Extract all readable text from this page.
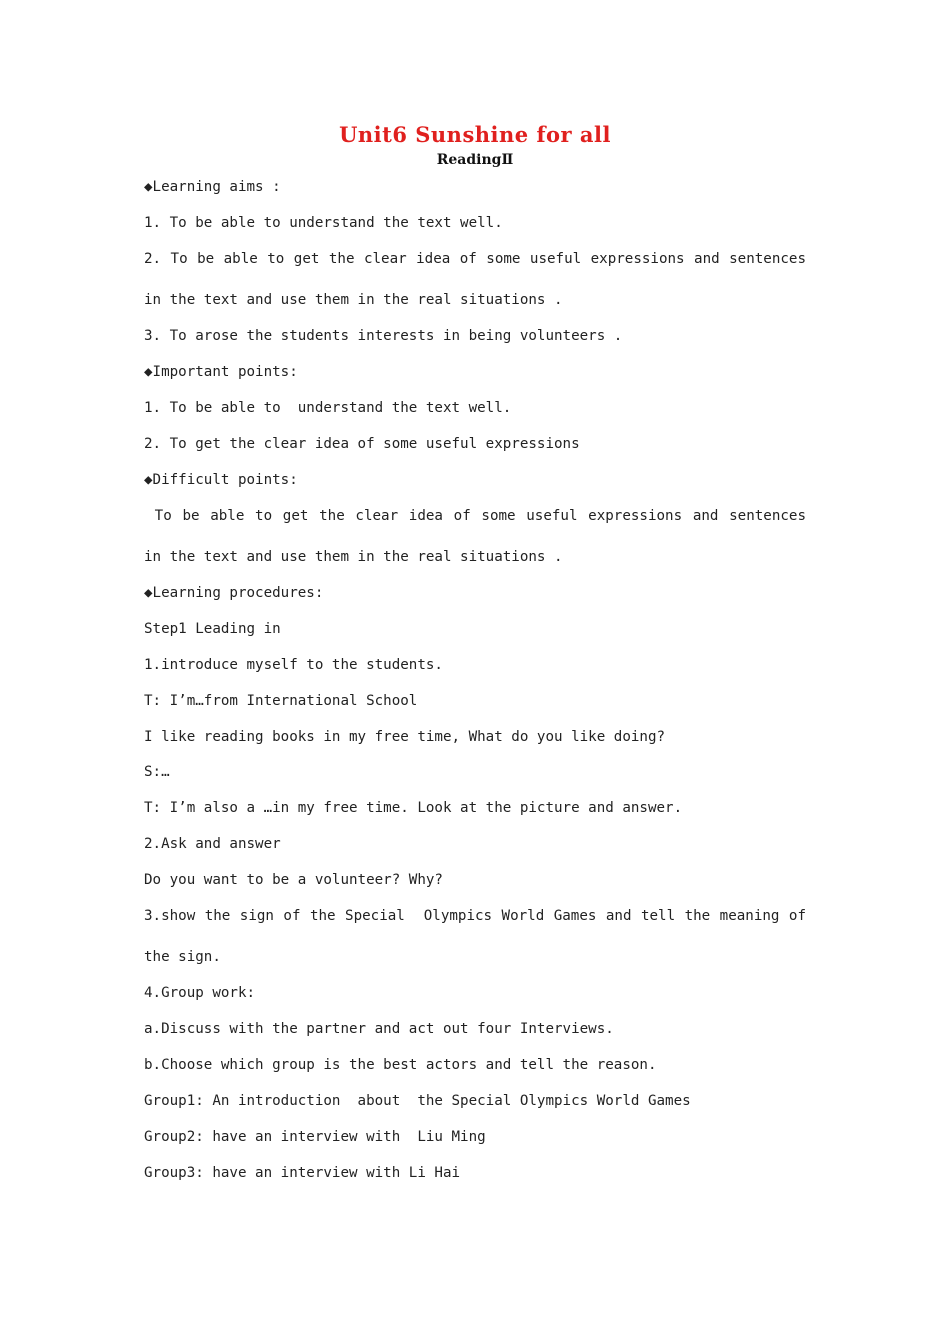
Unit6 Sunshine for all
ReadingⅡ
◆Learning aims :
1. To be able to understand the text well.
2. To be able to get the clear idea of some useful expressions and sentences
in the text and use them in the real situations .
3. To arose the students interests in being volunteers .
◆Important points:
1. To be able to  understand the text well.
2. To get the clear idea of some useful expressions
◆Difficult points:
To be able to get the clear idea of some useful expressions and sentences
in the text and use them in the real situations .
◆Learning procedures:
Step1 Leading in
1.introduce myself to the students.
T: I’m…from International School
I like reading books in my free time, What do you like doing?
S:…
T: I’m also a …in my free time. Look at the picture and answer.
2.Ask and answer
Do you want to be a volunteer? Why?
3.show the sign of the Special  Olympics World Games and tell the meaning of
the sign.
4.Group work:
a.Discuss with the partner and act out four Interviews.
b.Choose which group is the best actors and tell the reason.
Group1: An introduction  about  the Special Olympics World Games
Group2: have an interview with  Liu Ming
Group3: have an interview with Li Hai
